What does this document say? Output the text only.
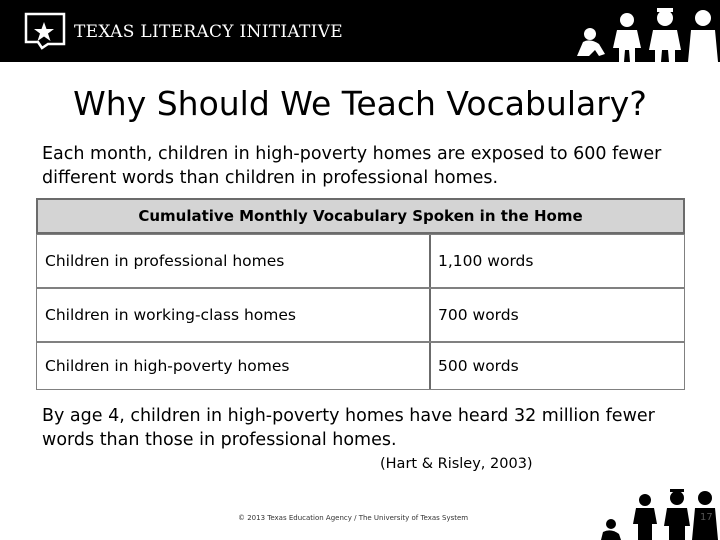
TEXAS LITERACY INITIATIVE
Why Should We Teach Vocabulary?
Each month, children in high-poverty homes are exposed to 600 fewer different words than children in professional homes.
Cumulative Monthly Vocabulary Spoken in the Home
Children in professional homes	1,100 words
Children in working-class homes	700 words
Children in high-poverty homes	500 words
By age 4, children in high-poverty homes have heard 32 million fewer words than those in professional homes.
(Hart & Risley, 2003)
© 2013 Texas Education Agency / The University of Texas System	17
